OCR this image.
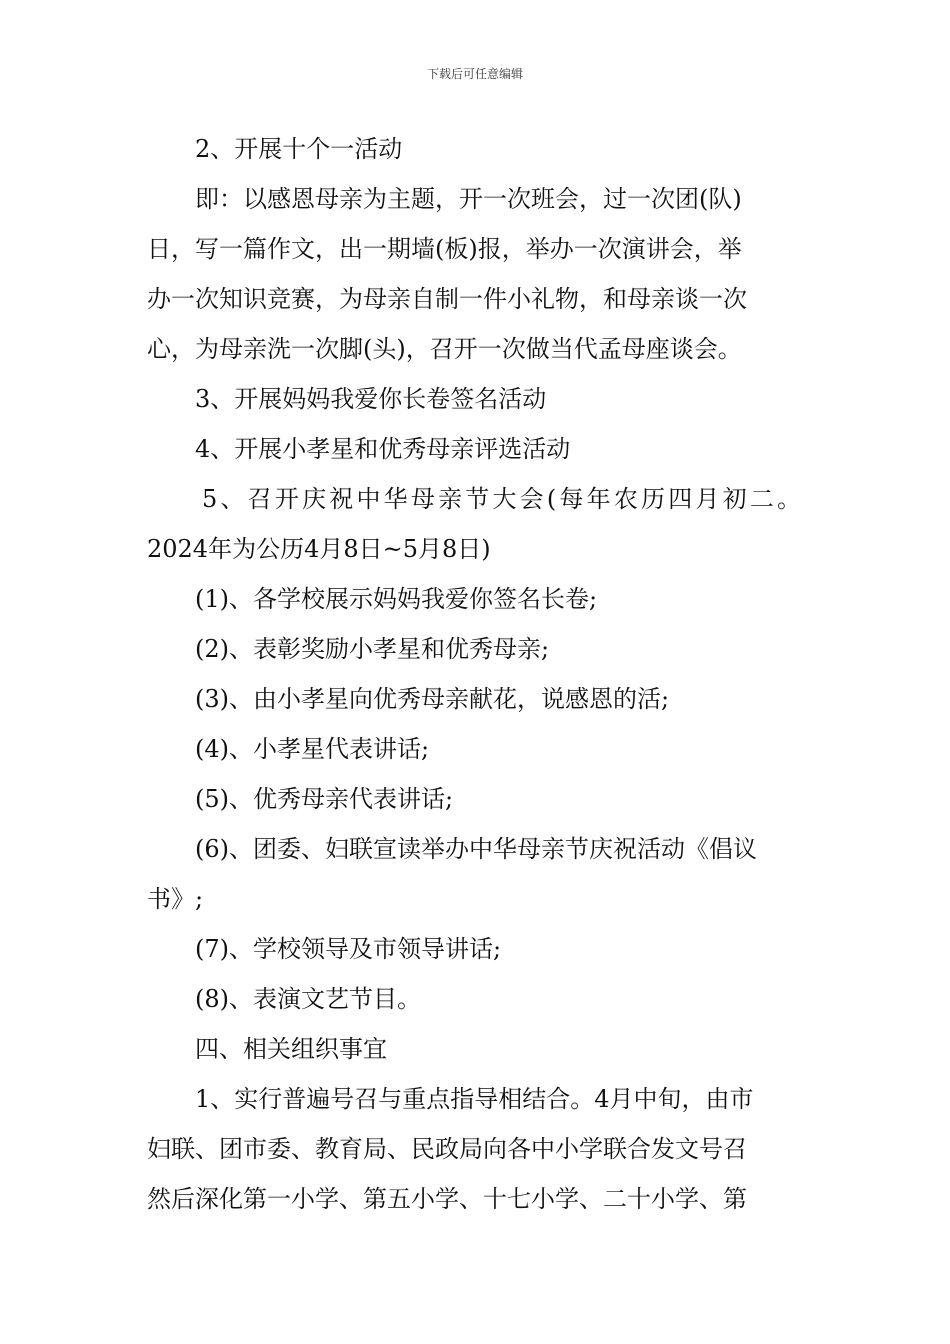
下载后可任意编辑
2、开展十个一活动
即：以感恩母亲为主题，开一次班会，过一次团(队)
日，写一篇作文，出一期墙(板)报，举办一次演讲会，举
办一次知识竞赛，为母亲自制一件小礼物，和母亲谈一次
心，为母亲洗一次脚(头)，召开一次做当代孟母座谈会。
3、开展妈妈我爱你长卷签名活动
4、开展小孝星和优秀母亲评选活动
5、召开庆祝中华母亲节大会(每年农历四月初二。
2024年为公历4月8日~5月8日)
(1)、各学校展示妈妈我爱你签名长卷;
(2)、表彰奖励小孝星和优秀母亲;
(3)、由小孝星向优秀母亲献花，说感恩的活;
(4)、小孝星代表讲话;
(5)、优秀母亲代表讲话;
(6)、团委、妇联宣读举办中华母亲节庆祝活动《倡议
书》;
(7)、学校领导及市领导讲话;
(8)、表演文艺节目。
四、相关组织事宜
1、实行普遍号召与重点指导相结合。4月中旬，由市
妇联、团市委、教育局、民政局向各中小学联合发文号召
然后深化第一小学、第五小学、十七小学、二十小学、第
